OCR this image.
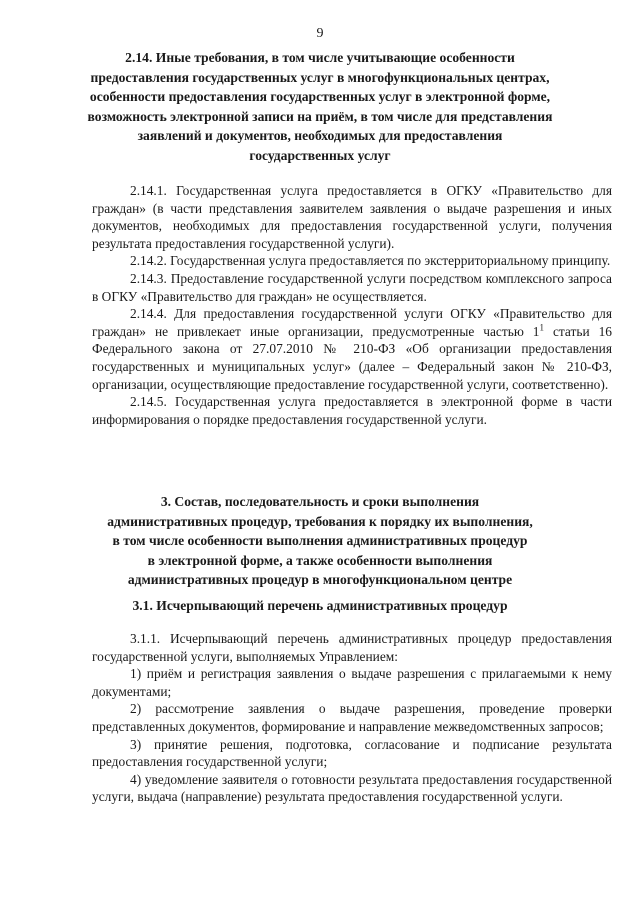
9
2.14. Иные требования, в том числе учитывающие особенности
предоставления государственных услуг в многофункциональных центрах,
особенности предоставления государственных услуг в электронной форме,
возможность электронной записи на приём, в том числе для представления
заявлений и документов, необходимых для предоставления
государственных услуг

2.14.1. Государственная услуга предоставляется в ОГКУ «Правительство для граждан» (в части представления заявителем заявления о выдаче разрешения и иных документов, необходимых для предоставления государственной услуги, получения результата предоставления государственной услуги).

2.14.2. Государственная услуга предоставляется по экстерриториальному принципу.

2.14.3. Предоставление государственной услуги посредством комплексного запроса в ОГКУ «Правительство для граждан» не осуществляется.

2.14.4. Для предоставления государственной услуги ОГКУ «Правительство для граждан» не привлекает иные организации, предусмотренные частью $1^1$ статьи 16 Федерального закона от 27.07.2010 № 210-ФЗ «Об организации предоставления государственных и муниципальных услуг» (далее – Федеральный закон № 210-ФЗ, организации, осуществляющие предоставление государственной услуги, соответственно).

2.14.5. Государственная услуга предоставляется в электронной форме в части информирования о порядке предоставления государственной услуги.

3. Состав, последовательность и сроки выполнения
административных процедур, требования к порядку их выполнения,
в том числе особенности выполнения административных процедур
в электронной форме, а также особенности выполнения
административных процедур в многофункциональном центре
3.1. Исчерпывающий перечень административных процедур

3.1.1. Исчерпывающий перечень административных процедур предоставления государственной услуги, выполняемых Управлением:

1) приём и регистрация заявления о выдаче разрешения с прилагаемыми к нему документами;

2) рассмотрение заявления о выдаче разрешения, проведение проверки представленных документов, формирование и направление межведомственных запросов;

3) принятие решения, подготовка, согласование и подписание результата предоставления государственной услуги;

4) уведомление заявителя о готовности результата предоставления государственной услуги, выдача (направление) результата предоставления государственной услуги.
